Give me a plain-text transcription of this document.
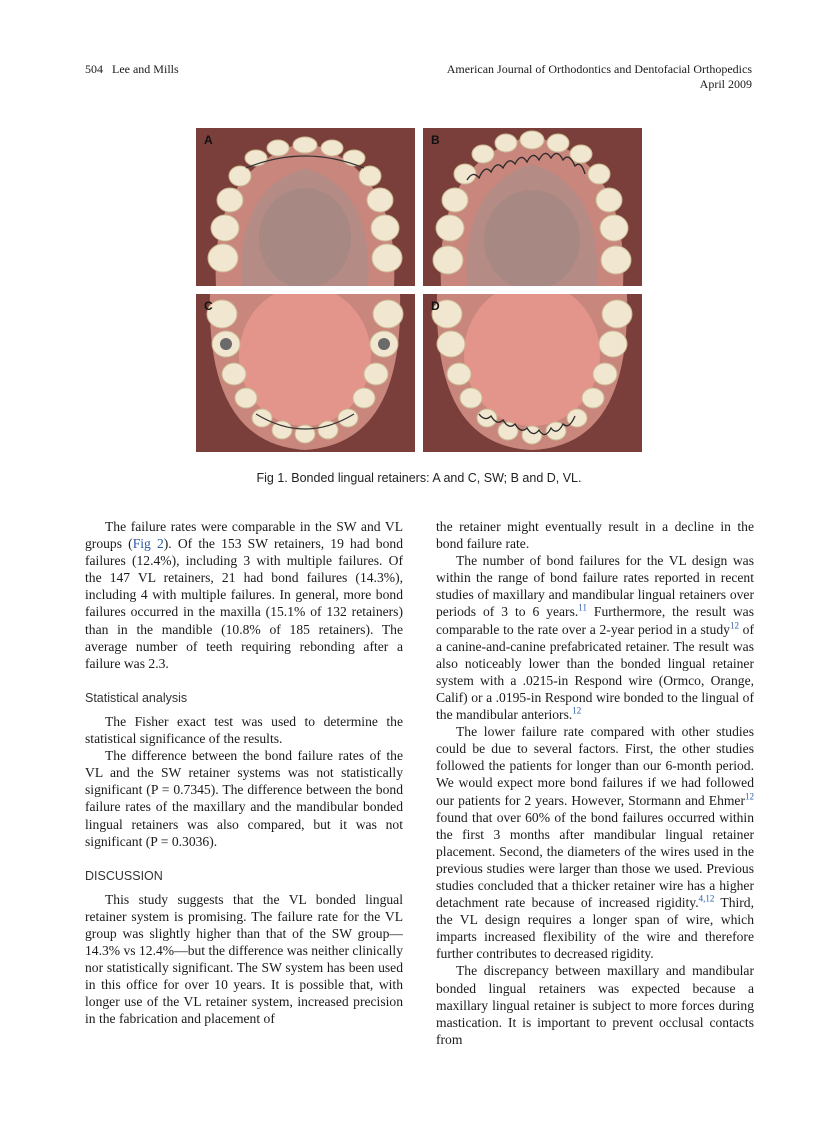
504   Lee and Mills	American Journal of Orthodontics and Dentofacial Orthopedics
April 2009
A	B
C	D
Fig 1. Bonded lingual retainers: A and C, SW; B and D, VL.

The failure rates were comparable in the SW and VL groups (Fig 2). Of the 153 SW retainers, 19 had bond failures (12.4%), including 3 with multiple failures. Of the 147 VL retainers, 21 had bond failures (14.3%), including 4 with multiple failures. In general, more bond failures occurred in the maxilla (15.1% of 132 retainers) than in the mandible (10.8% of 185 retainers). The average number of teeth requiring rebonding after a failure was 2.3.

Statistical analysis

The Fisher exact test was used to determine the statistical significance of the results.

The difference between the bond failure rates of the VL and the SW retainer systems was not statistically significant (P = 0.7345). The difference between the bond failure rates of the maxillary and the mandibular bonded lingual retainers was also compared, but it was not significant (P = 0.3036).

DISCUSSION

This study suggests that the VL bonded lingual retainer system is promising. The failure rate for the VL group was slightly higher than that of the SW group—14.3% vs 12.4%—but the difference was neither clinically nor statistically significant. The SW system has been used in this office for over 10 years. It is possible that, with longer use of the VL retainer system, increased precision in the fabrication and placement of

the retainer might eventually result in a decline in the bond failure rate.

The number of bond failures for the VL design was within the range of bond failure rates reported in recent studies of maxillary and mandibular lingual retainers over periods of 3 to 6 years.$^{11}$ Furthermore, the result was comparable to the rate over a 2-year period in a study$^{12}$ of a canine-and-canine prefabricated retainer. The result was also noticeably lower than the bonded lingual retainer system with a .0215-in Respond wire (Ormco, Orange, Calif) or a .0195-in Respond wire bonded to the lingual of the mandibular anteriors.$^{12}$

The lower failure rate compared with other studies could be due to several factors. First, the other studies followed the patients for longer than our 6-month period. We would expect more bond failures if we had followed our patients for 2 years. However, Stormann and Ehmer$^{12}$ found that over 60% of the bond failures occurred within the first 3 months after mandibular lingual retainer placement. Second, the diameters of the wires used in the previous studies were larger than those we used. Previous studies concluded that a thicker retainer wire has a higher detachment rate because of increased rigidity.$^{4,12}$ Third, the VL design requires a longer span of wire, which imparts increased flexibility of the wire and therefore further contributes to decreased rigidity.

The discrepancy between maxillary and mandibular bonded lingual retainers was expected because a maxillary lingual retainer is subject to more forces during mastication. It is important to prevent occlusal contacts from
